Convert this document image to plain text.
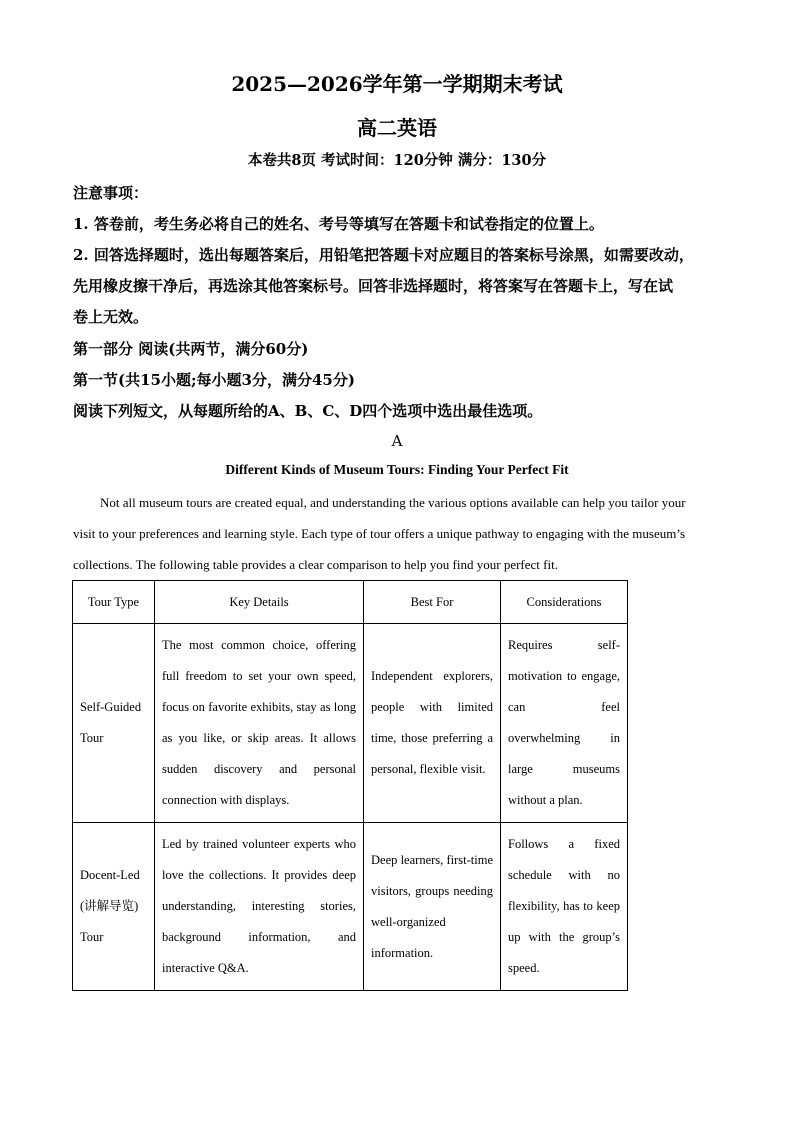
2025—2026学年第一学期期末考试
高二英语
本卷共8页 考试时间：120分钟 满分：130分
注意事项：
1. 答卷前，考生务必将自己的姓名、考号等填写在答题卡和试卷指定的位置上。
2. 回答选择题时，选出每题答案后，用铅笔把答题卡对应题目的答案标号涂黑，如需要改动，
先用橡皮擦干净后，再选涂其他答案标号。回答非选择题时，将答案写在答题卡上，写在试
卷上无效。
第一部分 阅读(共两节，满分60分)
第一节(共15小题;每小题3分，满分45分)
阅读下列短文，从每题所给的A、B、C、D四个选项中选出最佳选项。
A
Different Kinds of Museum Tours: Finding Your Perfect Fit
Not all museum tours are created equal, and understanding the various options available can help you tailor your
visit to your preferences and learning style. Each type of tour offers a unique pathway to engaging with the museum’s
collections. The following table provides a clear comparison to help you find your perfect fit.
Tour Type	Key Details	Best For	Considerations
Self-Guided Tour	The most common choice, offering full freedom to set your own speed, focus on favorite exhibits, stay as long as you like, or skip areas. It allows sudden discovery and personal connection with displays.	Independent explorers, people with limited time, those preferring a personal, flexible visit.	Requires self-motivation to engage, can feel overwhelming in large museums without a plan.
Docent-Led (讲解导览) Tour	Led by trained volunteer experts who love the collections. It provides deep understanding, interesting stories, background information, and interactive Q&A.	Deep learners, first-time visitors, groups needing well-organized information.	Follows a fixed schedule with no flexibility, has to keep up with the group’s speed.
